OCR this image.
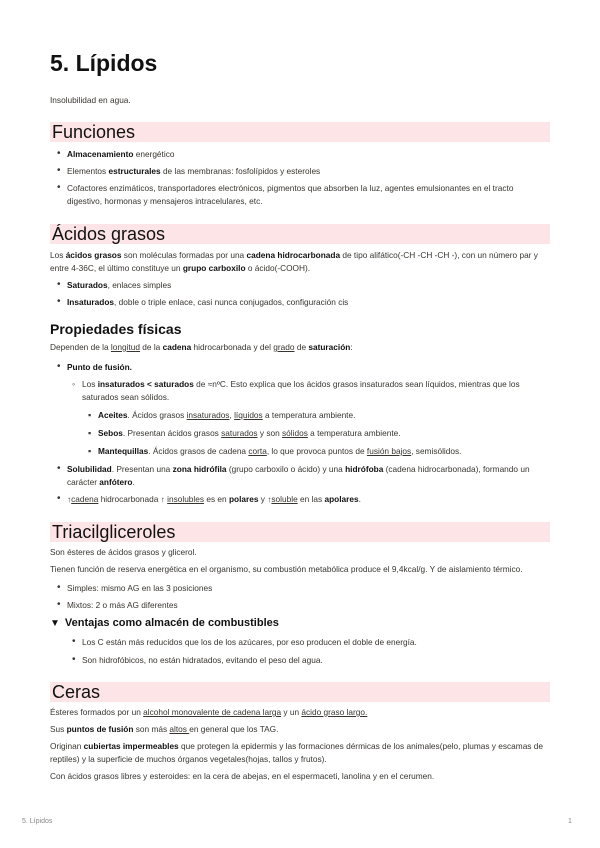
5. Lípidos

Insolubilidad en agua.

Funciones

• Almacenamiento energético

• Elementos estructurales de las membranas: fosfolípidos y esteroles

• Cofactores enzimáticos, transportadores electrónicos, pigmentos que absorben la luz, agentes emulsionantes en el tracto digestivo, hormonas y mensajeros intracelulares, etc.

Ácidos grasos

Los ácidos grasos son moléculas formadas por una cadena hidrocarbonada de tipo alifático(-CH -CH -CH -), con un número par y entre 4-36C, el último constituye un grupo carboxilo o ácido(-COOH).

• Saturados, enlaces simples

• Insaturados, doble o triple enlace, casi nunca conjugados, configuración cis

Propiedades físicas

Dependen de la longitud de la cadena hidrocarbonada y del grado de saturación:

• Punto de fusión.

◦ Los insaturados < saturados de ≈nºC. Esto explica que los ácidos grasos insaturados sean líquidos, mientras que los saturados sean sólidos.

▪ Aceites. Ácidos grasos insaturados, líquidos a temperatura ambiente.

▪ Sebos. Presentan ácidos grasos saturados y son sólidos a temperatura ambiente.

▪ Mantequillas. Ácidos grasos de cadena corta, lo que provoca puntos de fusión bajos, semisólidos.

• Solubilidad. Presentan una zona hidrófila (grupo carboxilo o ácido) y una hidrófoba (cadena hidrocarbonada), formando un carácter anfótero.

• ↑cadena hidrocarbonada ↑ insolubles es en polares y ↑soluble en las apolares.

Triacilgliceroles

Son ésteres de ácidos grasos y glicerol.

Tienen función de reserva energética en el organismo, su combustión metabólica produce el 9,4kcal/g. Y de aislamiento térmico.

• Simples: mismo AG en las 3 posiciones

• Mixtos: 2 o más AG diferentes

▼ Ventajas como almacén de combustibles

• Los C están más reducidos que los de los azúcares, por eso producen el doble de energía.

• Son hidrofóbicos, no están hidratados, evitando el peso del agua.

Ceras

Ésteres formados por un alcohol monovalente de cadena larga y un ácido graso largo.

Sus puntos de fusión son más altos en general que los TAG.

Originan cubiertas impermeables que protegen la epidermis y las formaciones dérmicas de los animales(pelo, plumas y escamas de reptiles) y la superficie de muchos órganos vegetales(hojas, tallos y frutos).

Con ácidos grasos libres y esteroides: en la cera de abejas, en el espermaceti, lanolina y en el cerumen.

5. Lípidos	1
